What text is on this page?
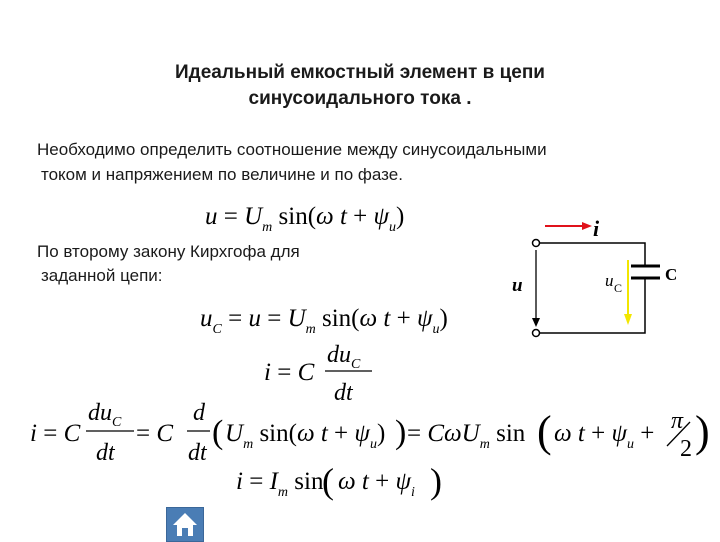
Идеальный емкостный элемент в цепи
синусоидального тока .
Необходимо определить соотношение между синусоидальными
током и напряжением по величине и по фазе.
По второму закону Кирхгофа для
заданной цепи:
$u = U_m$ sin(ω $t + \psi_u$)
$u_C = u = U_m$ sin(ω $t + \psi_u$)
i = C
$du_C$
dt
i = C
$du_C$
dt
= C
d
dt
( $U_m$ sin(ω $t + \psi_u$) ) = CωU$_m$ sin ( ω $t + \psi_u + \pi$
2 )
$i = I_m$ sin
( ω $t + \psi_i$ )
i
u	u C
C
